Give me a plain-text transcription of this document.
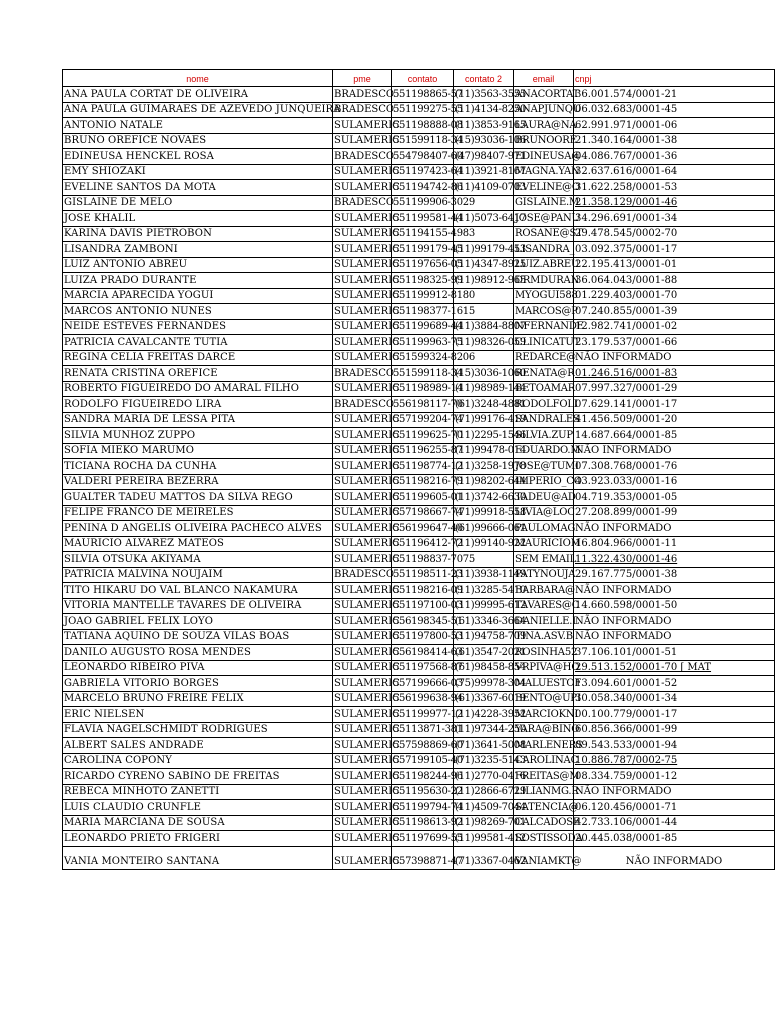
nome	pme	contato	contato 2	email	cnpj
ANA PAULA CORTAT DE OLIVEIRA	BRADESCO	551198865-57	(11)3563-3555	ANACORTAT	36.001.574/0001-21
ANA PAULA GUIMARAES DE AZEVEDO JUNQUEIRA	BRADESCO	551199275-55	(11)4134-8250	ANAPJUNQU	06.032.683/0001-45
ANTONIO NATALE	SULAMERIC	551198888-08	(11)3853-9165	LAURA@NA	62.991.971/0001-06
BRUNO OREFICE NOVAES	SULAMERIC	551599118-34	(15)93036-106	BRUNOORE	21.340.164/0001-38
EDINEUSA HENCKEL ROSA	BRADESCO	554798407-60	(47)98407-971	EDINEUSA@	04.086.767/0001-36
EMY SHIOZAKI	SULAMERIC	551197423-64	(11)3921-8167	MAGNA.YAN	32.637.616/0001-64
EVELINE SANTOS DA MOTA	SULAMERIC	551194742-86	(11)4109-0703	EVELINE@O	31.622.258/0001-53
GISLAINE DE MELO	BRADESCO	551199906-3029		GISLAINE.M	21.358.129/0001-46
JOSE KHALIL	SULAMERIC	551199581-44	(11)5073-6417	JOSE@PANU	34.296.691/0001-34
KARINA DAVIS PIETROBON	SULAMERIC	551194155-4983		ROSANE@ST	29.478.545/0002-70
LISANDRA ZAMBONI	SULAMERIC	551199179-45	(11)99179-453	LISANDRA_	03.092.375/0001-17
LUIZ ANTONIO ABREU	SULAMERIC	551197656-05	(11)4347-8925	LUIZ.ABREU	22.195.413/0001-01
LUIZA PRADO DURANTE	SULAMERIC	551198325-99	(11)98912-965	DRMDURAN	36.064.043/0001-88
MARCIA APARECIDA YOGUI	SULAMERIC	551199912-8180		MYOGUI588	01.229.403/0001-70
MARCOS ANTONIO NUNES	SULAMERIC	551198377-1615		MARCOS@P	07.240.855/0001-39
NEIDE ESTEVES FERNANDES	SULAMERIC	551199689-44	(11)3884-8807	NFERNANDE	12.982.741/0001-02
PATRICIA CAVALCANTE TUTIA	SULAMERIC	551199963-75	(11)98326-059	CLINICATUT	23.179.537/0001-66
REGINA CELIA FREITAS DARCE	SULAMERIC	551599324-8206		REDARCE@	NÃO INFORMADO
RENATA CRISTINA OREFICE	BRADESCO	551599118-34	(15)3036-1060	RENATA@R	01.246.516/0001-83
ROBERTO FIGUEIREDO DO AMARAL FILHO	SULAMERIC	551198989-14	(11)98989-144	BETOAMAR	07.997.327/0001-29
RODOLFO FIGUEIREDO LIRA	BRADESCO	556198117-70	(61)3248-4881	RODOLFOLI	07.629.141/0001-17
SANDRA MARIA DE LESSA PITA	SULAMERIC	557199204-74	(71)99176-419	SANDRALES	41.456.509/0001-20
SILVIA MUNHOZ ZUPPO	SULAMERIC	551199625-70	(11)2295-1546	SILVIA.ZUP	14.687.664/0001-85
SOFIA MIEKO MARUMO	SULAMERIC	551196255-87	(11)99478-014	EDUARDO.M	NÃO INFORMADO
TICIANA ROCHA DA CUNHA	SULAMERIC	551198774-12	(11)3258-1978	JOSE@TUMI	07.308.768/0001-76
VALDERI PEREIRA BEZERRA	SULAMERIC	551198216-79	(11)98202-644	IMPERIO_CO	43.923.033/0001-16
GUALTER TADEU MATTOS DA SILVA REGO	SULAMERIC	551199605-01	(11)3742-6630	TADEU@AD	04.719.353/0001-05
FELIPE FRANCO DE MEIRELES	SULAMERIC	557198667-74	(71)99918-558	LIVIA@LOC	27.208.899/0001-99
PENINA D ANGELIS OLIVEIRA PACHECO ALVES	SULAMERIC	556199647-40	(61)99666-061	PAULOMAG	NÃO INFORMADO
MAURICIO ALVAREZ MATEOS	SULAMERIC	551196412-72	(11)99140-922	MAURICIOM	16.804.966/0001-11
SILVIA OTSUKA AKIYAMA	SULAMERIC	551198837-7075		SEM EMAIL	11.322.430/0001-46
PATRICIA MALVINA NOUJAIM	BRADESCO	551198511-23	(11)3938-1149	PATYNOUJA	29.167.775/0001-38
TITO HIKARU DO VAL BLANCO NAKAMURA	SULAMERIC	551198216-09	(11)3285-5410	BARBARA@	NÃO INFORMADO
VITORIA MANTELLE TAVARES DE OLIVEIRA	SULAMERIC	551197100-03	(11)99995-612	TAVARES@C	14.660.598/0001-50
JOAO GABRIEL FELIX LOYO	SULAMERIC	556198345-51	(61)3346-3664	DANIELLE.L	NÃO INFORMADO
TATIANA AQUINO DE SOUZA VILAS BOAS	SULAMERIC	551197800-53	(11)94758-709	TINA.ASV.B	NÃO INFORMADO
DANILO AUGUSTO ROSA MENDES	SULAMERIC	556198414-63	(61)3547-2021	ROSINHA52	37.106.101/0001-51
LEONARDO RIBEIRO PIVA	SULAMERIC	551197568-87	(61)98458-854	VRPIVA@HO	29.513.152/0001-70 [ MAT
GABRIELA VITORIO BORGES	SULAMERIC	557199666-03	(75)99978-304	MALUESTOF	13.094.601/0001-52
MARCELO BRUNO FREIRE FELIX	SULAMERIC	556199638-94	(61)3367-6019	BENTO@UPI	30.058.340/0001-34
ERIC NIELSEN	SULAMERIC	551199977-12	(11)4228-3952	MARCIOKNI	00.100.779/0001-17
FLAVIA NAGELSCHMIDT RODRIGUES	SULAMERIC	55113871-381	(11)97344-250	YARA@BINO	60.856.366/0001-99
ALBERT SALES ANDRADE	SULAMERIC	557598869-60	(71)3641-5008	MARLENERS	09.543.533/0001-94
CAROLINA COPONY	SULAMERIC	557199105-40	(71)3235-5143	CAROLINAC	10.886.787/0002-75
RICARDO CYRENO SABINO DE FREITAS	SULAMERIC	551198244-96	(11)2770-0416	FREITAS@M	08.334.759/0001-12
REBECA MINHOTO ZANETTI	SULAMERIC	551195630-22	(11)2866-6729	LILIANMG.R	NÃO INFORMADO
LUIS CLAUDIO CRUNFLE	SULAMERIC	551199794-74	(11)4509-7044	SATENCIA@	06.120.456/0001-71
MARIA MARCIANA DE SOUSA	SULAMERIC	551198613-92	(11)98269-701	CALCADOSE	42.733.106/0001-44
LEONARDO PRIETO FRIGERI	SULAMERIC	551197699-55	(11)99581-412	SOSTISSODA	20.445.038/0001-85
VANIA MONTEIRO SANTANA	SULAMERIC	557398871-47	(71)3367-0462	VANIAMKT@	NÃO INFORMADO
